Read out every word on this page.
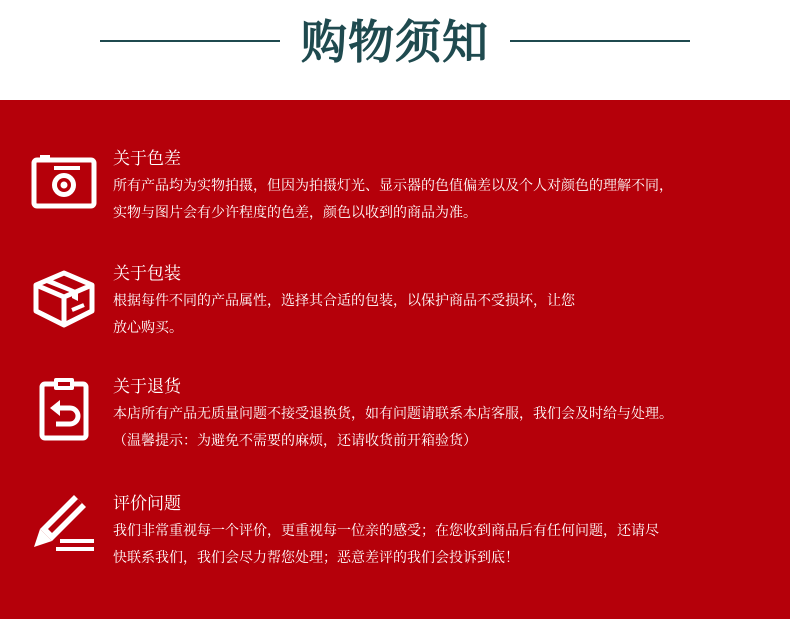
购物须知
关于色差
所有产品均为实物拍摄，但因为拍摄灯光、显示器的色值偏差以及个人对颜色的理解不同，
实物与图片会有少许程度的色差，颜色以收到的商品为准。
关于包装
根据每件不同的产品属性，选择其合适的包装，以保护商品不受损坏，让您
放心购买。
关于退货
本店所有产品无质量问题不接受退换货，如有问题请联系本店客服，我们会及时给与处理。
（温馨提示：为避免不需要的麻烦，还请收货前开箱验货）
评价问题
我们非常重视每一个评价，更重视每一位亲的感受；在您收到商品后有任何问题，还请尽
快联系我们，我们会尽力帮您处理；恶意差评的我们会投诉到底！
